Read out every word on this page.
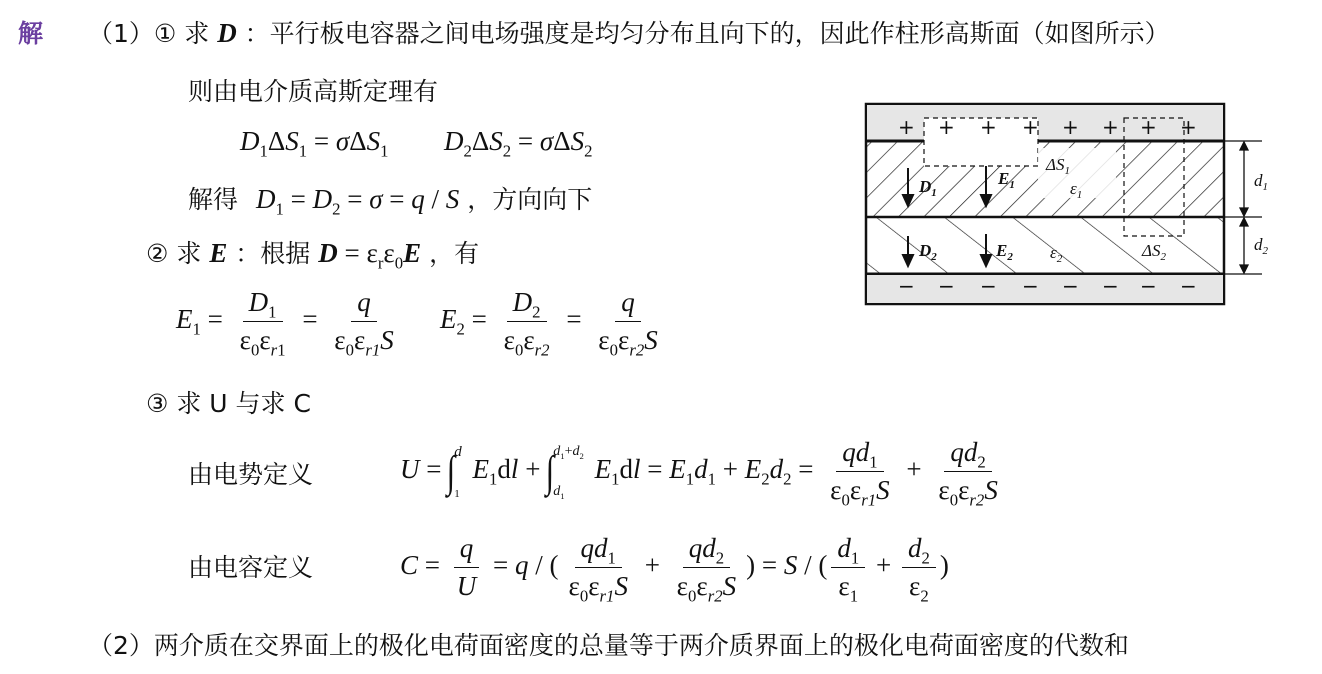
解 （1）① 求 D ：平行板电容器之间电场强度是均匀分布且向下的，因此作柱形高斯面（如图所示）
则由电介质高斯定理有
$D_1\Delta S_1 = \sigma\Delta S_1$ $D_2\Delta S_2 = \sigma\Delta S_2$
解得 $D_1 = D_2 = \sigma = q / S$ ，方向向下
② 求 E ：根据 $D = \varepsilon_r\varepsilon_0E$ ，有
$E_1 = \frac{D_1}{\varepsilon_0\varepsilon_{r1}} = \frac{q}{\varepsilon_0\varepsilon_{r1}S} E_2 = \frac{D_2}{\varepsilon_0\varepsilon_{r2}} = \frac{q}{\varepsilon_0\varepsilon_{r2}S}$
③ 求 U 与求 C
由电势定义	U = ∫
d
1
$E_1dl$ + ∫
$d_1+d_2$
$d_1$
$E_1dl = E_1d_1 + E_2d_2 = \frac{qd_1}{\varepsilon_0\varepsilon_{r1}S} + \frac{qd_2}{\varepsilon_0\varepsilon_{r2}S}$
由电容定义	$C = \frac{q}{U} = q$ / ( $\frac{qd_1}{\varepsilon_0\varepsilon_{r1}S} + \frac{qd_2}{\varepsilon_0\varepsilon_{r2}S}$ ) = S / ( $\frac{d_1}{\varepsilon_1} + \frac{d_2}{\varepsilon_2}$ )
（2）两介质在交界面上的极化电荷面密度的总量等于两介质界面上的极化电荷面密度的代数和
+ + + + + + + +
− − − − − − − −
$D_1$
$E_1$
$\Delta S_1$
$\varepsilon_1$
$D_2$	$E_2$ $\varepsilon_2$	$\Delta S_2$
$d_1$
$d_2$
